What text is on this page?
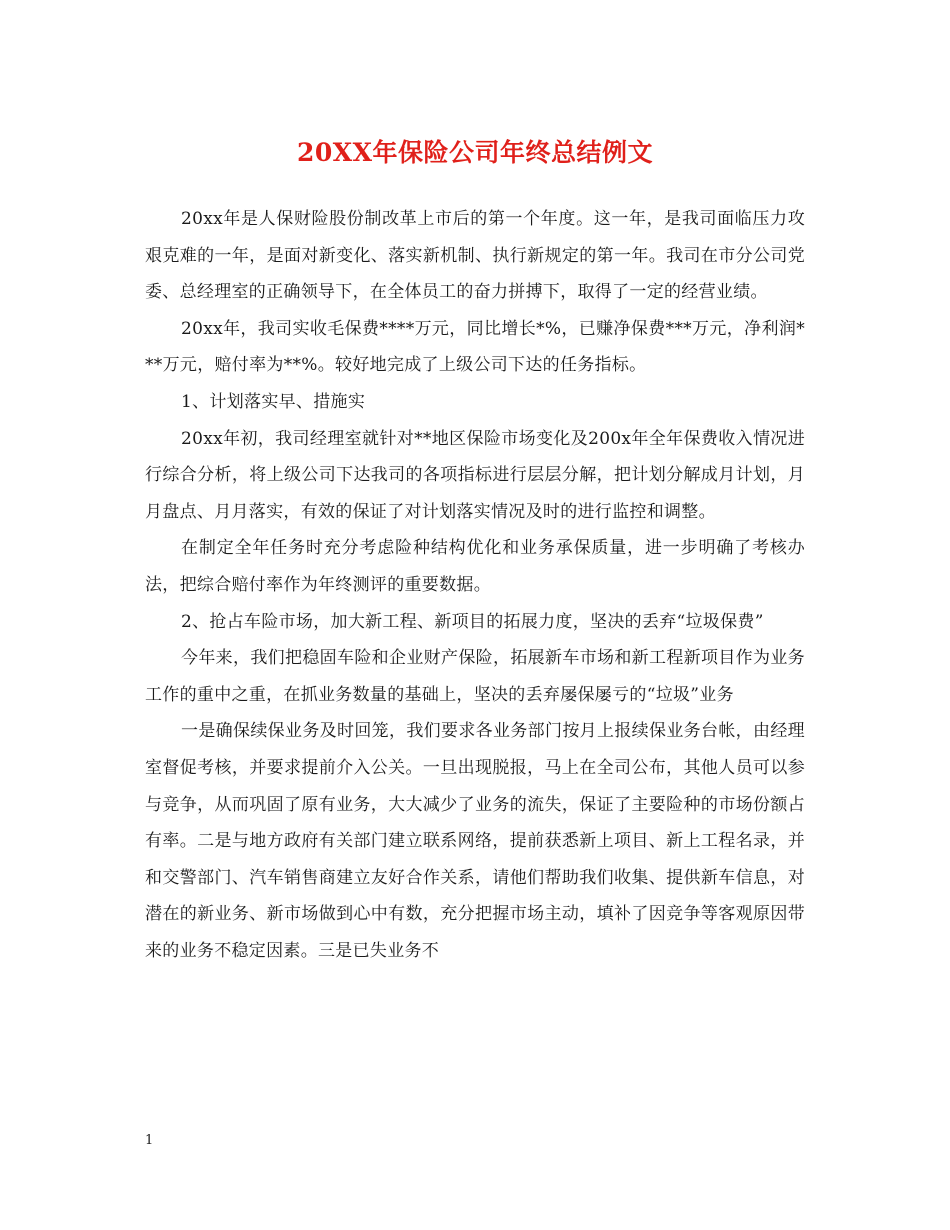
20XX年保险公司年终总结例文

20xx年是人保财险股份制改革上市后的第一个年度。这一年，是我司面临压力攻艰克难的一年，是面对新变化、落实新机制、执行新规定的第一年。我司在市分公司党委、总经理室的正确领导下，在全体员工的奋力拼搏下，取得了一定的经营业绩。

20xx年，我司实收毛保费****万元，同比增长*%，已赚净保费***万元，净利润***万元，赔付率为**%。较好地完成了上级公司下达的任务指标。

1、计划落实早、措施实

20xx年初，我司经理室就针对**地区保险市场变化及200x年全年保费收入情况进行综合分析，将上级公司下达我司的各项指标进行层层分解，把计划分解成月计划，月月盘点、月月落实，有效的保证了对计划落实情况及时的进行监控和调整。

在制定全年任务时充分考虑险种结构优化和业务承保质量，进一步明确了考核办法，把综合赔付率作为年终测评的重要数据。

2、抢占车险市场，加大新工程、新项目的拓展力度，坚决的丢弃“垃圾保费”

今年来，我们把稳固车险和企业财产保险，拓展新车市场和新工程新项目作为业务工作的重中之重，在抓业务数量的基础上，坚决的丢弃屡保屡亏的“垃圾”业务

一是确保续保业务及时回笼，我们要求各业务部门按月上报续保业务台帐，由经理室督促考核，并要求提前介入公关。一旦出现脱报，马上在全司公布，其他人员可以参与竞争，从而巩固了原有业务，大大减少了业务的流失，保证了主要险种的市场份额占有率。二是与地方政府有关部门建立联系网络，提前获悉新上项目、新上工程名录，并和交警部门、汽车销售商建立友好合作关系，请他们帮助我们收集、提供新车信息，对潜在的新业务、新市场做到心中有数，充分把握市场主动，填补了因竞争等客观原因带来的业务不稳定因素。三是已失业务不

1
